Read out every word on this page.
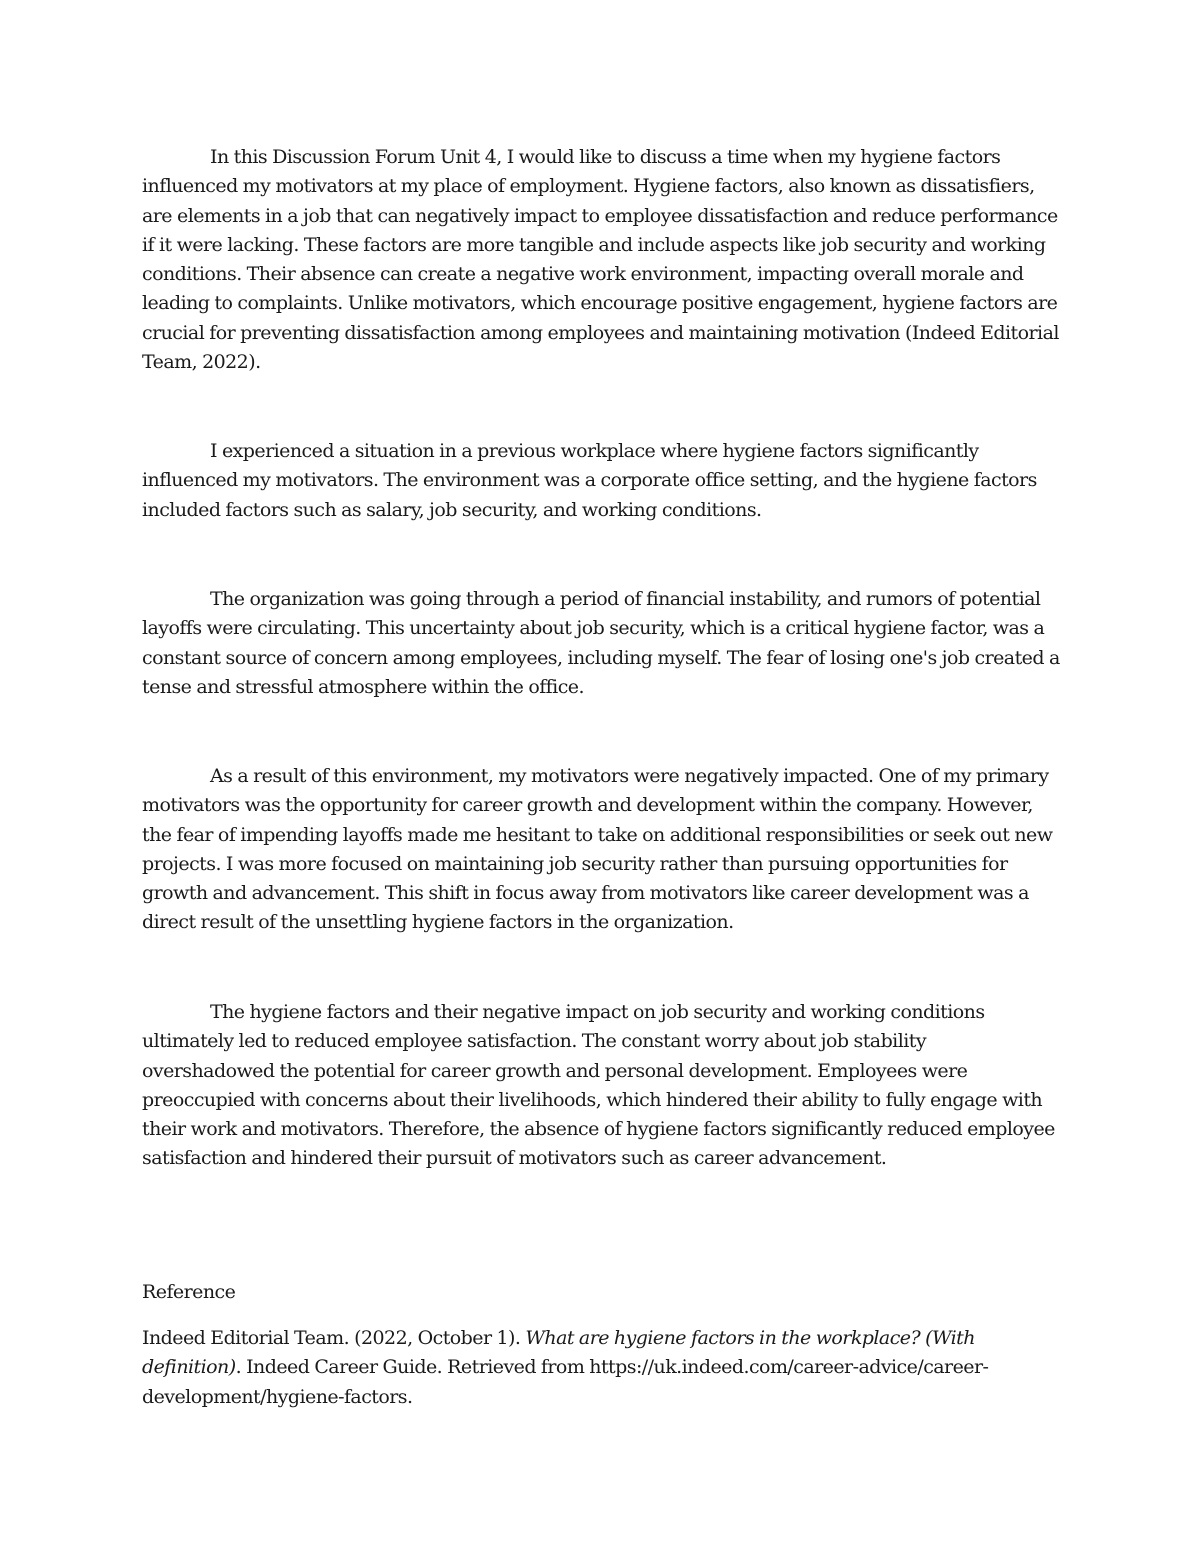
In this Discussion Forum Unit 4, I would like to discuss a time when my hygiene factors influenced my motivators at my place of employment. Hygiene factors, also known as dissatisfiers, are elements in a job that can negatively impact to employee dissatisfaction and reduce performance if it were lacking. These factors are more tangible and include aspects like job security and working conditions. Their absence can create a negative work environment, impacting overall morale and leading to complaints. Unlike motivators, which encourage positive engagement, hygiene factors are crucial for preventing dissatisfaction among employees and maintaining motivation (Indeed Editorial Team, 2022).

I experienced a situation in a previous workplace where hygiene factors significantly influenced my motivators. The environment was a corporate office setting, and the hygiene factors included factors such as salary, job security, and working conditions.

The organization was going through a period of financial instability, and rumors of potential layoffs were circulating. This uncertainty about job security, which is a critical hygiene factor, was a constant source of concern among employees, including myself. The fear of losing one's job created a tense and stressful atmosphere within the office.

As a result of this environment, my motivators were negatively impacted. One of my primary motivators was the opportunity for career growth and development within the company. However, the fear of impending layoffs made me hesitant to take on additional responsibilities or seek out new projects. I was more focused on maintaining job security rather than pursuing opportunities for growth and advancement. This shift in focus away from motivators like career development was a direct result of the unsettling hygiene factors in the organization.

The hygiene factors and their negative impact on job security and working conditions ultimately led to reduced employee satisfaction. The constant worry about job stability overshadowed the potential for career growth and personal development. Employees were preoccupied with concerns about their livelihoods, which hindered their ability to fully engage with their work and motivators. Therefore, the absence of hygiene factors significantly reduced employee satisfaction and hindered their pursuit of motivators such as career advancement.

Reference

Indeed Editorial Team. (2022, October 1). What are hygiene factors in the workplace? (With definition). Indeed Career Guide. Retrieved from https://uk.indeed.com/career-advice/career-development/hygiene-factors.
